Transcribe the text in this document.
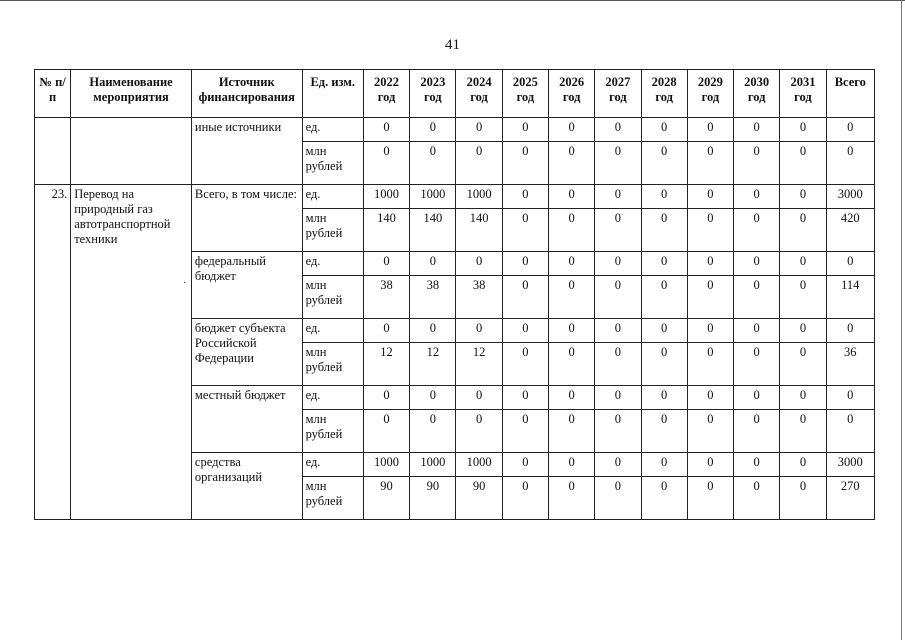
41
№ п/п	Наименование мероприятия	Источник финансирования	Ед. изм.	2022 год	2023 год	2024 год	2025 год	2026 год	2027 год	2028 год	2029 год	2030 год	2031 год	Всего
		иные источники	ед.	0	0	0	0	0	0	0	0	0	0	0
			млн рублей	0	0	0	0	0	0	0	0	0	0	0
23.	Перевод на природный газ автотранспортной техники	Всего, в том числе:	ед.	1000	1000	1000	0	0	0	0	0	0	0	3000
			млн рублей	140	140	140	0	0	0	0	0	0	0	420
		федеральный бюджет	ед.	0	0	0	0	0	0	0	0	0	0	0
			млн рублей	38	38	38	0	0	0	0	0	0	0	114
		бюджет субъекта Российской Федерации	ед.	0	0	0	0	0	0	0	0	0	0	0
			млн рублей	12	12	12	0	0	0	0	0	0	0	36
		местный бюджет	ед.	0	0	0	0	0	0	0	0	0	0	0
			млн рублей	0	0	0	0	0	0	0	0	0	0	0
		средства организаций	ед.	1000	1000	1000	0	0	0	0	0	0	0	3000
			млн рублей	90	90	90	0	0	0	0	0	0	0	270
·
